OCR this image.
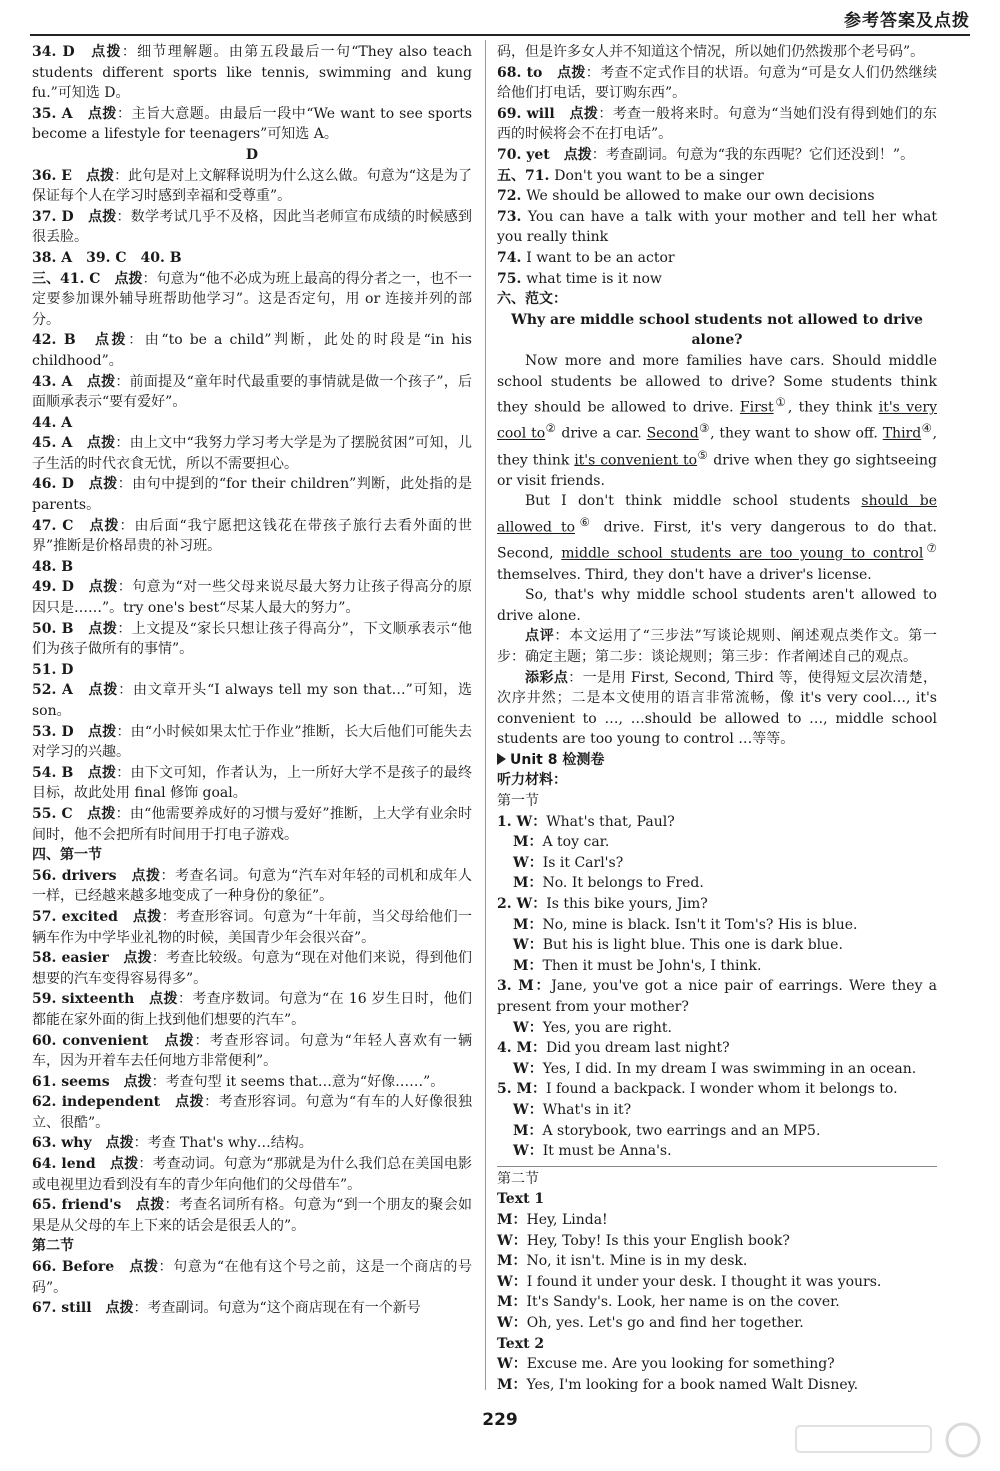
参考答案及点拨

34. D　点拨：细节理解题。由第五段最后一句“They also teach students different sports like tennis, swimming and kung fu.”可知选 D。

35. A　点拨：主旨大意题。由最后一段中“We want to see sports become a lifestyle for teenagers”可知选 A。

D

36. E　点拨：此句是对上文解释说明为什么这么做。句意为“这是为了保证每个人在学习时感到幸福和受尊重”。

37. D　点拨：数学考试几乎不及格，因此当老师宣布成绩的时候感到很丢脸。

38. A　39. C　40. B

三、41. C　点拨：句意为“他不必成为班上最高的得分者之一，也不一定要参加课外辅导班帮助他学习”。这是否定句，用 or 连接并列的部分。

42. B　点拨：由“to be a child”判断，此处的时段是“in his childhood”。

43. A　点拨：前面提及“童年时代最重要的事情就是做一个孩子”，后面顺承表示“要有爱好”。

44. A

45. A　点拨：由上文中“我努力学习考大学是为了摆脱贫困”可知，儿子生活的时代衣食无忧，所以不需要担心。

46. D　点拨：由句中提到的“for their children”判断，此处指的是 parents。

47. C　点拨：由后面“我宁愿把这钱花在带孩子旅行去看外面的世界”推断是价格昂贵的补习班。

48. B

49. D　点拨：句意为“对一些父母来说尽最大努力让孩子得高分的原因只是……”。try one's best“尽某人最大的努力”。

50. B　点拨：上文提及“家长只想让孩子得高分”，下文顺承表示“他们为孩子做所有的事情”。

51. D

52. A　点拨：由文章开头“I always tell my son that…”可知，选 son。

53. D　点拨：由“小时候如果太忙于作业”推断，长大后他们可能失去对学习的兴趣。

54. B　点拨：由下文可知，作者认为，上一所好大学不是孩子的最终目标，故此处用 final 修饰 goal。

55. C　点拨：由“他需要养成好的习惯与爱好”推断，上大学有业余时间时，他不会把所有时间用于打电子游戏。

四、第一节

56. drivers　点拨：考查名词。句意为“汽车对年轻的司机和成年人一样，已经越来越多地变成了一种身份的象征”。

57. excited　点拨：考查形容词。句意为“十年前，当父母给他们一辆车作为中学毕业礼物的时候，美国青少年会很兴奋”。

58. easier　点拨：考查比较级。句意为“现在对他们来说，得到他们想要的汽车变得容易得多”。

59. sixteenth　点拨：考查序数词。句意为“在 16 岁生日时，他们都能在家外面的街上找到他们想要的汽车”。

60. convenient　点拨：考查形容词。句意为“年轻人喜欢有一辆车，因为开着车去任何地方非常便利”。

61. seems　点拨：考查句型 it seems that…意为“好像……”。

62. independent　点拨：考查形容词。句意为“有车的人好像很独立、很酷”。

63. why　点拨：考查 That's why…结构。

64. lend　点拨：考查动词。句意为“那就是为什么我们总在美国电影或电视里边看到没有车的青少年向他们的父母借车”。

65. friend's　点拨：考查名词所有格。句意为“到一个朋友的聚会如果是从父母的车上下来的话会是很丢人的”。

第二节

66. Before　点拨：句意为“在他有这个号之前，这是一个商店的号码”。

67. still　点拨：考查副词。句意为“这个商店现在有一个新号

码，但是许多女人并不知道这个情况，所以她们仍然拨那个老号码”。

68. to　点拨：考查不定式作目的状语。句意为“可是女人们仍然继续给他们打电话，要订购东西”。

69. will　点拨：考查一般将来时。句意为“当她们没有得到她们的东西的时候将会不在打电话”。

70. yet　点拨：考查副词。句意为“我的东西呢？它们还没到！”。

五、71. Don't you want to be a singer

72. We should be allowed to make our own decisions

73. You can have a talk with your mother and tell her what you really think

74. I want to be an actor

75. what time is it now

六、范文：

Why are middle school students not allowed to drive alone?

Now more and more families have cars. Should middle school students be allowed to drive? Some students think they should be allowed to drive. First①, they think it's very cool to② drive a car. Second③, they want to show off. Third④, they think it's convenient to⑤ drive when they go sightseeing or visit friends.

But I don't think middle school students should be allowed to⑥ drive. First, it's very dangerous to do that. Second, middle school students are too young to control⑦ themselves. Third, they don't have a driver's license.

So, that's why middle school students aren't allowed to drive alone.

点评：本文运用了“三步法”写谈论规则、阐述观点类作文。第一步：确定主题；第二步：谈论规则；第三步：作者阐述自己的观点。

添彩点：一是用 First, Second, Third 等，使得短文层次清楚，次序井然；二是本文使用的语言非常流畅，像 it's very cool…, it's convenient to …, …should be allowed to …, middle school students are too young to control …等等。

Unit 8 检测卷

听力材料：

第一节

1. W：What's that, Paul?

M：A toy car.

W：Is it Carl's?

M：No. It belongs to Fred.

2. W：Is this bike yours, Jim?

M：No, mine is black. Isn't it Tom's? His is blue.

W：But his is light blue. This one is dark blue.

M：Then it must be John's, I think.

3. M：Jane, you've got a nice pair of earrings. Were they a present from your mother?

W：Yes, you are right.

4. M：Did you dream last night?

W：Yes, I did. In my dream I was swimming in an ocean.

5. M：I found a backpack. I wonder whom it belongs to.

W：What's in it?

M：A storybook, two earrings and an MP5.

W：It must be Anna's.

第二节

Text 1

M：Hey, Linda!

W：Hey, Toby! Is this your English book?

M：No, it isn't. Mine is in my desk.

W：I found it under your desk. I thought it was yours.

M：It's Sandy's. Look, her name is on the cover.

W：Oh, yes. Let's go and find her together.

Text 2

W：Excuse me. Are you looking for something?

M：Yes, I'm looking for a book named Walt Disney.

229
